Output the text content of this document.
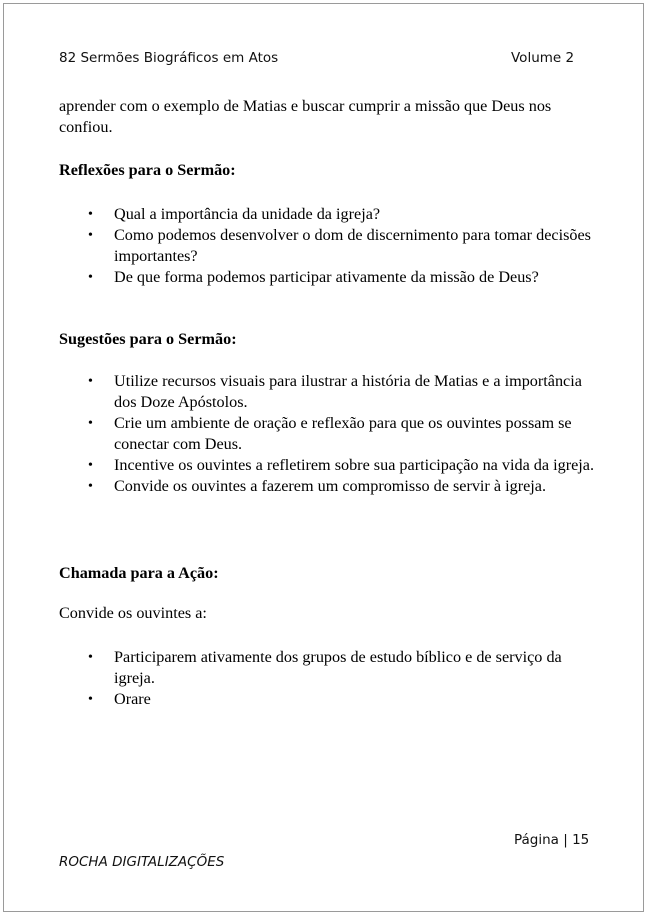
82 Sermões Biográficos em Atos	Volume 2
aprender com o exemplo de Matias e buscar cumprir a missão que Deus nos confiou.
Reflexões para o Sermão:
• Qual a importância da unidade da igreja?
• Como podemos desenvolver o dom de discernimento para tomar decisões importantes?
• De que forma podemos participar ativamente da missão de Deus?
Sugestões para o Sermão:
• Utilize recursos visuais para ilustrar a história de Matias e a importância dos Doze Apóstolos.
• Crie um ambiente de oração e reflexão para que os ouvintes possam se conectar com Deus.
• Incentive os ouvintes a refletirem sobre sua participação na vida da igreja.
• Convide os ouvintes a fazerem um compromisso de servir à igreja.
Chamada para a Ação:
Convide os ouvintes a:
• Participarem ativamente dos grupos de estudo bíblico e de serviço da igreja.
• Orare
Página | 15
ROCHA DIGITALIZAÇÕES
